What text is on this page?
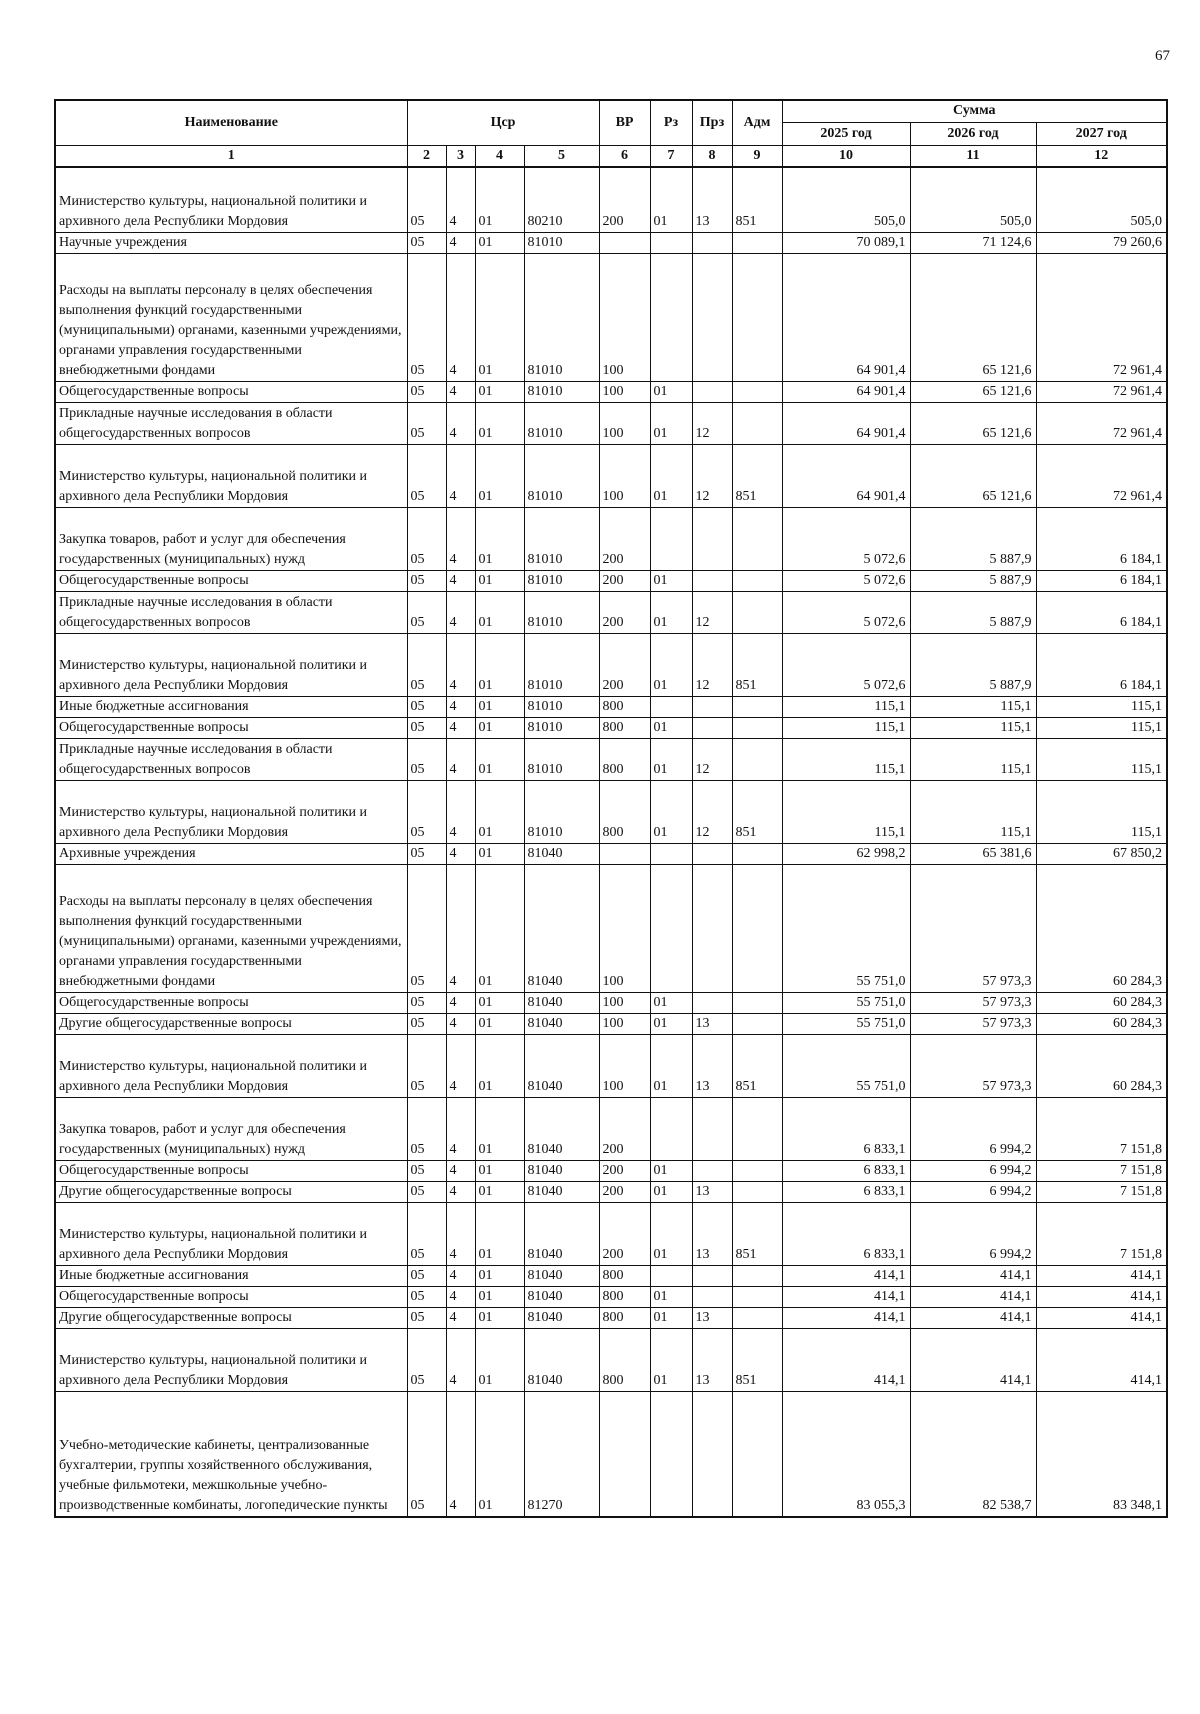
67
Наименование	Цср				ВР	Рз	Прз	Адм	Сумма		
									2025 год	2026 год	2027 год
1	2	3	4	5	6	7	8	9	10	11	12
Министерство культуры, национальной политики и архивного дела Республики Мордовия	05	4	01	80210	200	01	13	851	505,0	505,0	505,0
Научные учреждения	05	4	01	81010					70 089,1	71 124,6	79 260,6
Расходы на выплаты персоналу в целях обеспечения выполнения функций государственными (муниципальными) органами, казенными учреждениями, органами управления государственными внебюджетными фондами	05	4	01	81010	100				64 901,4	65 121,6	72 961,4
Общегосударственные вопросы	05	4	01	81010	100	01			64 901,4	65 121,6	72 961,4
Прикладные научные исследования в области общегосударственных вопросов	05	4	01	81010	100	01	12		64 901,4	65 121,6	72 961,4
Министерство культуры, национальной политики и архивного дела Республики Мордовия	05	4	01	81010	100	01	12	851	64 901,4	65 121,6	72 961,4
Закупка товаров, работ и услуг для обеспечения государственных (муниципальных) нужд	05	4	01	81010	200				5 072,6	5 887,9	6 184,1
Общегосударственные вопросы	05	4	01	81010	200	01			5 072,6	5 887,9	6 184,1
Прикладные научные исследования в области общегосударственных вопросов	05	4	01	81010	200	01	12		5 072,6	5 887,9	6 184,1
Министерство культуры, национальной политики и архивного дела Республики Мордовия	05	4	01	81010	200	01	12	851	5 072,6	5 887,9	6 184,1
Иные бюджетные ассигнования	05	4	01	81010	800				115,1	115,1	115,1
Общегосударственные вопросы	05	4	01	81010	800	01			115,1	115,1	115,1
Прикладные научные исследования в области общегосударственных вопросов	05	4	01	81010	800	01	12		115,1	115,1	115,1
Министерство культуры, национальной политики и архивного дела Республики Мордовия	05	4	01	81010	800	01	12	851	115,1	115,1	115,1
Архивные учреждения	05	4	01	81040					62 998,2	65 381,6	67 850,2
Расходы на выплаты персоналу в целях обеспечения выполнения функций государственными (муниципальными) органами, казенными учреждениями, органами управления государственными внебюджетными фондами	05	4	01	81040	100				55 751,0	57 973,3	60 284,3
Общегосударственные вопросы	05	4	01	81040	100	01			55 751,0	57 973,3	60 284,3
Другие общегосударственные вопросы	05	4	01	81040	100	01	13		55 751,0	57 973,3	60 284,3
Министерство культуры, национальной политики и архивного дела Республики Мордовия	05	4	01	81040	100	01	13	851	55 751,0	57 973,3	60 284,3
Закупка товаров, работ и услуг для обеспечения государственных (муниципальных) нужд	05	4	01	81040	200				6 833,1	6 994,2	7 151,8
Общегосударственные вопросы	05	4	01	81040	200	01			6 833,1	6 994,2	7 151,8
Другие общегосударственные вопросы	05	4	01	81040	200	01	13		6 833,1	6 994,2	7 151,8
Министерство культуры, национальной политики и архивного дела Республики Мордовия	05	4	01	81040	200	01	13	851	6 833,1	6 994,2	7 151,8
Иные бюджетные ассигнования	05	4	01	81040	800				414,1	414,1	414,1
Общегосударственные вопросы	05	4	01	81040	800	01			414,1	414,1	414,1
Другие общегосударственные вопросы	05	4	01	81040	800	01	13		414,1	414,1	414,1
Министерство культуры, национальной политики и архивного дела Республики Мордовия	05	4	01	81040	800	01	13	851	414,1	414,1	414,1
Учебно-методические кабинеты, централизованные бухгалтерии, группы хозяйственного обслуживания, учебные фильмотеки, межшкольные учебно-производственные комбинаты, логопедические пункты	05	4	01	81270					83 055,3	82 538,7	83 348,1
